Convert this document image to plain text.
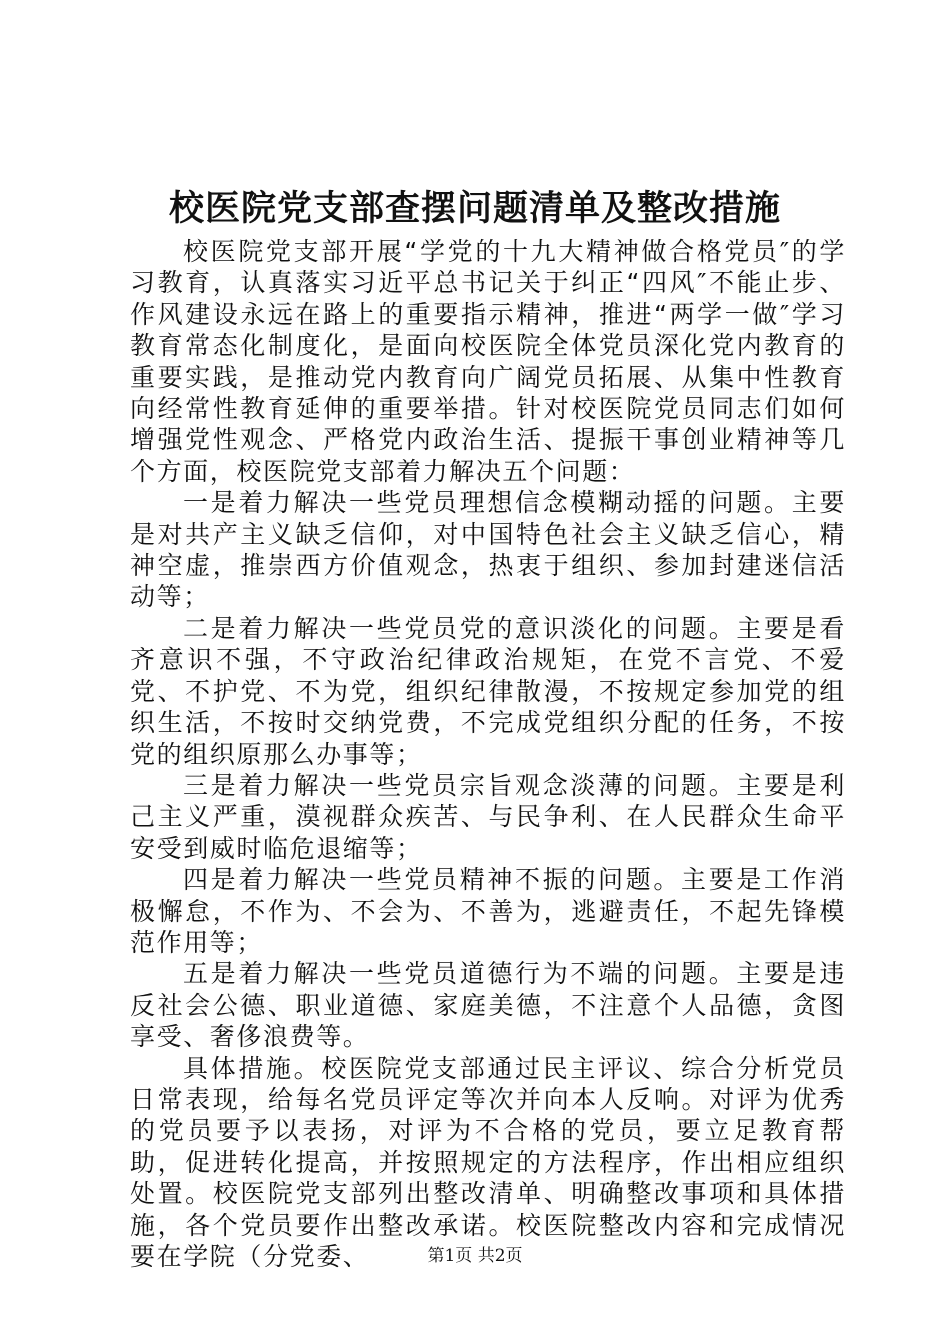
校医院党支部查摆问题清单及整改措施

校医院党支部开展“学党的十九大精神做合格党员″的学习教育，认真落实习近平总书记关于纠正“四风″不能止步、作风建设永远在路上的重要指示精神，推进“两学一做″学习教育常态化制度化，是面向校医院全体党员深化党内教育的重要实践，是推动党内教育向广阔党员拓展、从集中性教育向经常性教育延伸的重要举措。针对校医院党员同志们如何增强党性观念、严格党内政治生活、提振干事创业精神等几个方面，校医院党支部着力解决五个问题：

一是着力解决一些党员理想信念模糊动摇的问题。主要是对共产主义缺乏信仰，对中国特色社会主义缺乏信心，精神空虚，推崇西方价值观念，热衷于组织、参加封建迷信活动等；

二是着力解决一些党员党的意识淡化的问题。主要是看齐意识不强，不守政治纪律政治规矩，在党不言党、不爱党、不护党、不为党，组织纪律散漫，不按规定参加党的组织生活，不按时交纳党费，不完成党组织分配的任务，不按党的组织原那么办事等；

三是着力解决一些党员宗旨观念淡薄的问题。主要是利己主义严重，漠视群众疾苦、与民争利、在人民群众生命平安受到威时临危退缩等；

四是着力解决一些党员精神不振的问题。主要是工作消极懈怠，不作为、不会为、不善为，逃避责任，不起先锋模范作用等；

五是着力解决一些党员道德行为不端的问题。主要是违反社会公德、职业道德、家庭美德，不注意个人品德，贪图享受、奢侈浪费等。

具体措施。校医院党支部通过民主评议、综合分析党员日常表现，给每名党员评定等次并向本人反响。对评为优秀的党员要予以表扬，对评为不合格的党员，要立足教育帮助，促进转化提高，并按照规定的方法程序，作出相应组织处置。校医院党支部列出整改清单、明确整改事项和具体措施，各个党员要作出整改承诺。校医院整改内容和完成情况要在学院（分党委、	第1页 共2页
